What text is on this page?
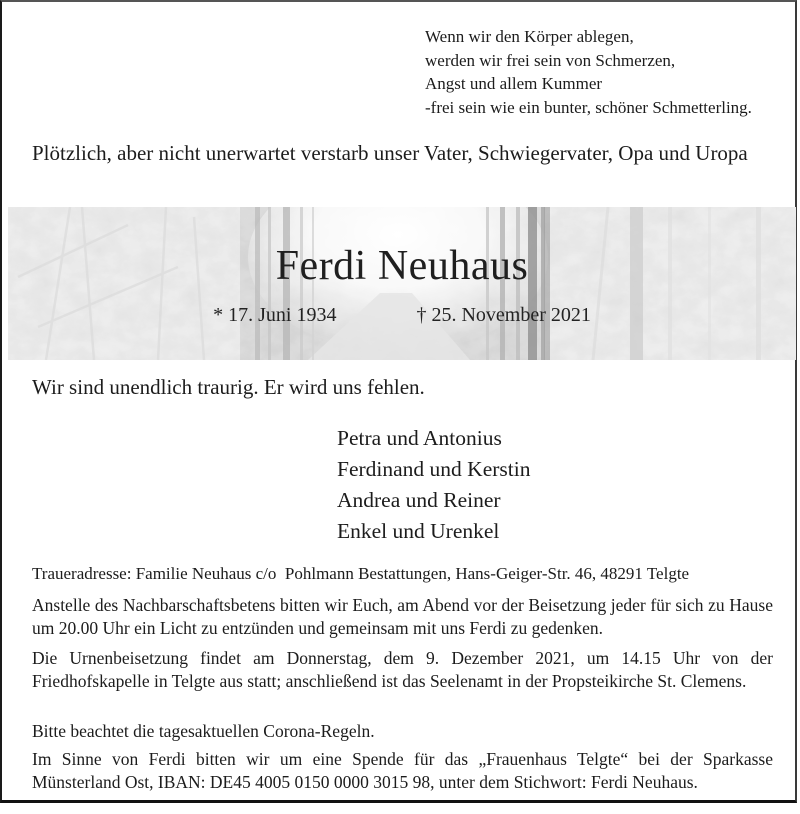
Wenn wir den Körper ablegen,
werden wir frei sein von Schmerzen,
Angst und allem Kummer
-frei sein wie ein bunter, schöner Schmetterling.

Plötzlich, aber nicht unerwartet verstarb unser Vater, Schwiegervater, Opa und Uropa

Ferdi Neuhaus
* 17. Juni 1934	† 25. November 2021

Wir sind unendlich traurig. Er wird uns fehlen.

Petra und Antonius
Ferdinand und Kerstin
Andrea und Reiner
Enkel und Urenkel

Traueradresse: Familie Neuhaus c/o  Pohlmann Bestattungen, Hans-Geiger-Str. 46, 48291 Telgte

Anstelle des Nachbarschaftsbetens bitten wir Euch, am Abend vor der Beisetzung jeder für sich zu Hause um 20.00 Uhr ein Licht zu entzünden und gemeinsam mit uns Ferdi zu gedenken.

Die Urnenbeisetzung findet am Donnerstag, dem 9. Dezember 2021, um 14.15 Uhr von der Friedhofskapelle in Telgte aus statt; anschließend ist das Seelenamt in der Propsteikirche St. Clemens.

Bitte beachtet die tagesaktuellen Corona-Regeln.

Im Sinne von Ferdi bitten wir um eine Spende für das „Frauenhaus Telgte“ bei der Sparkasse Münsterland Ost, IBAN: DE45 4005 0150 0000 3015 98, unter dem Stichwort: Ferdi Neuhaus.
